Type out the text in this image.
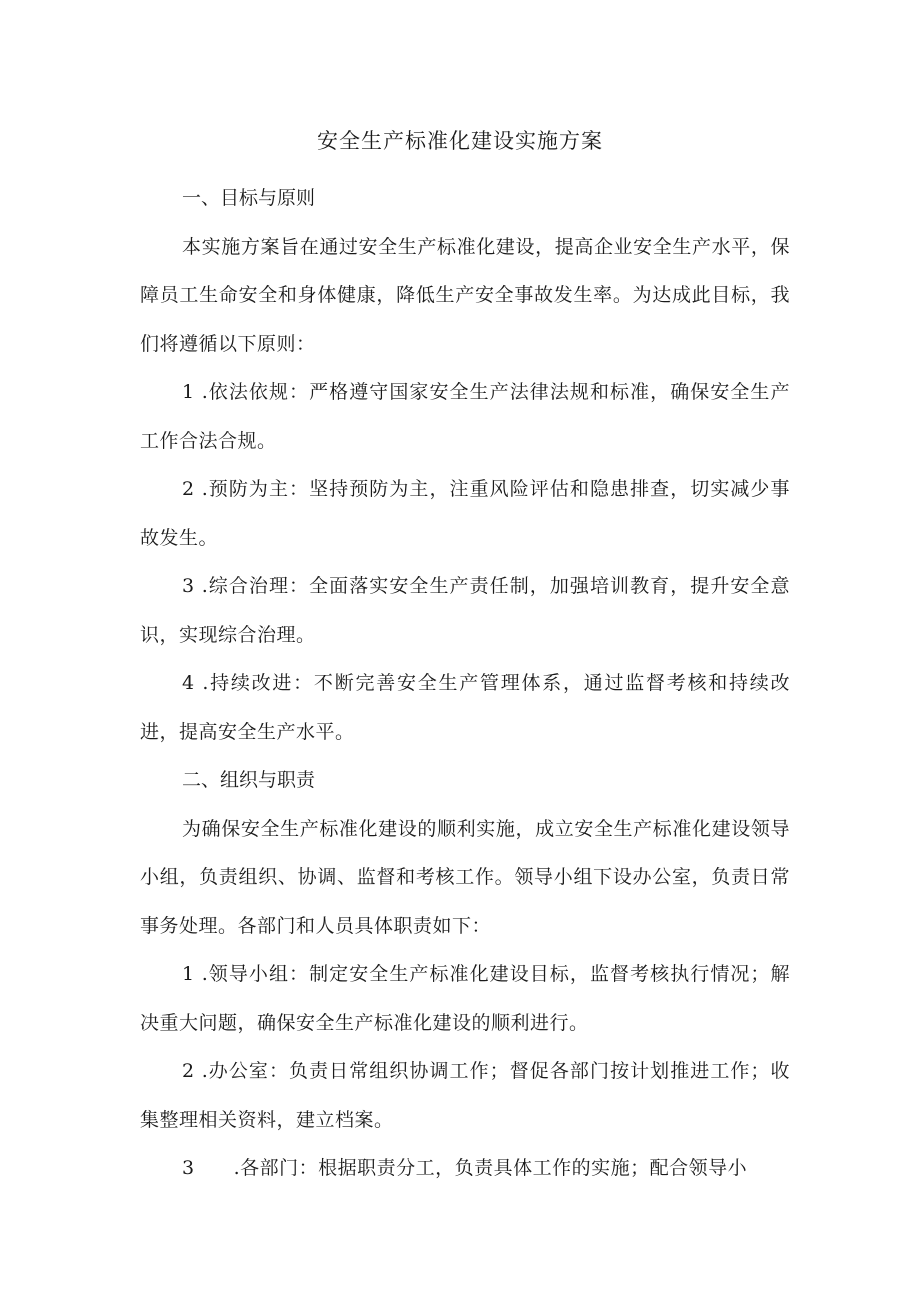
安全生产标准化建设实施方案
一、目标与原则

本实施方案旨在通过安全生产标准化建设，提高企业安全生产水平，保障员工生命安全和身体健康，降低生产安全事故发生率。为达成此目标，我们将遵循以下原则：

1 .依法依规：严格遵守国家安全生产法律法规和标准，确保安全生产工作合法合规。

2 .预防为主：坚持预防为主，注重风险评估和隐患排查，切实减少事故发生。

3 .综合治理：全面落实安全生产责任制，加强培训教育，提升安全意识，实现综合治理。

4 .持续改进：不断完善安全生产管理体系，通过监督考核和持续改进，提高安全生产水平。

二、组织与职责

为确保安全生产标准化建设的顺利实施，成立安全生产标准化建设领导小组，负责组织、协调、监督和考核工作。领导小组下设办公室，负责日常事务处理。各部门和人员具体职责如下：

1 .领导小组：制定安全生产标准化建设目标，监督考核执行情况；解决重大问题，确保安全生产标准化建设的顺利进行。

2 .办公室：负责日常组织协调工作；督促各部门按计划推进工作；收集整理相关资料，建立档案。

3　　.各部门：根据职责分工，负责具体工作的实施；配合领导小
